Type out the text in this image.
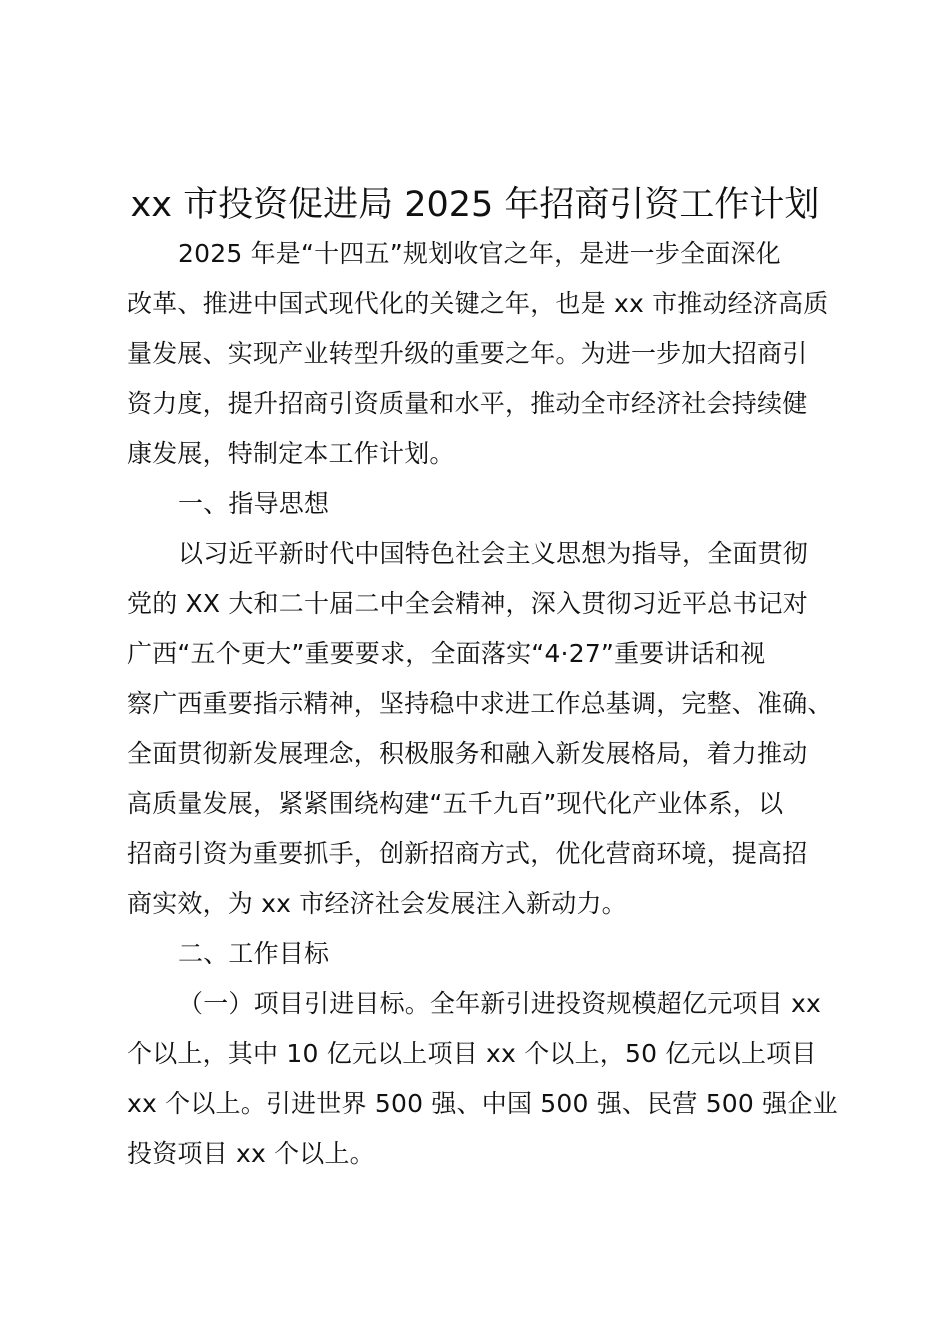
xx 市投资促进局 2025 年招商引资工作计划
2025 年是“十四五”规划收官之年，是进一步全面深化
改革、推进中国式现代化的关键之年，也是 xx 市推动经济高质
量发展、实现产业转型升级的重要之年。为进一步加大招商引
资力度，提升招商引资质量和水平，推动全市经济社会持续健
康发展，特制定本工作计划。
一、指导思想
以习近平新时代中国特色社会主义思想为指导，全面贯彻
党的 XX 大和二十届二中全会精神，深入贯彻习近平总书记对
广西“五个更大”重要要求，全面落实“4·27”重要讲话和视
察广西重要指示精神，坚持稳中求进工作总基调，完整、准确、
全面贯彻新发展理念，积极服务和融入新发展格局，着力推动
高质量发展，紧紧围绕构建“五千九百”现代化产业体系，以
招商引资为重要抓手，创新招商方式，优化营商环境，提高招
商实效，为 xx 市经济社会发展注入新动力。
二、工作目标
（一）项目引进目标。全年新引进投资规模超亿元项目 xx
个以上，其中 10 亿元以上项目 xx 个以上，50 亿元以上项目
xx 个以上。引进世界 500 强、中国 500 强、民营 500 强企业
投资项目 xx 个以上。
